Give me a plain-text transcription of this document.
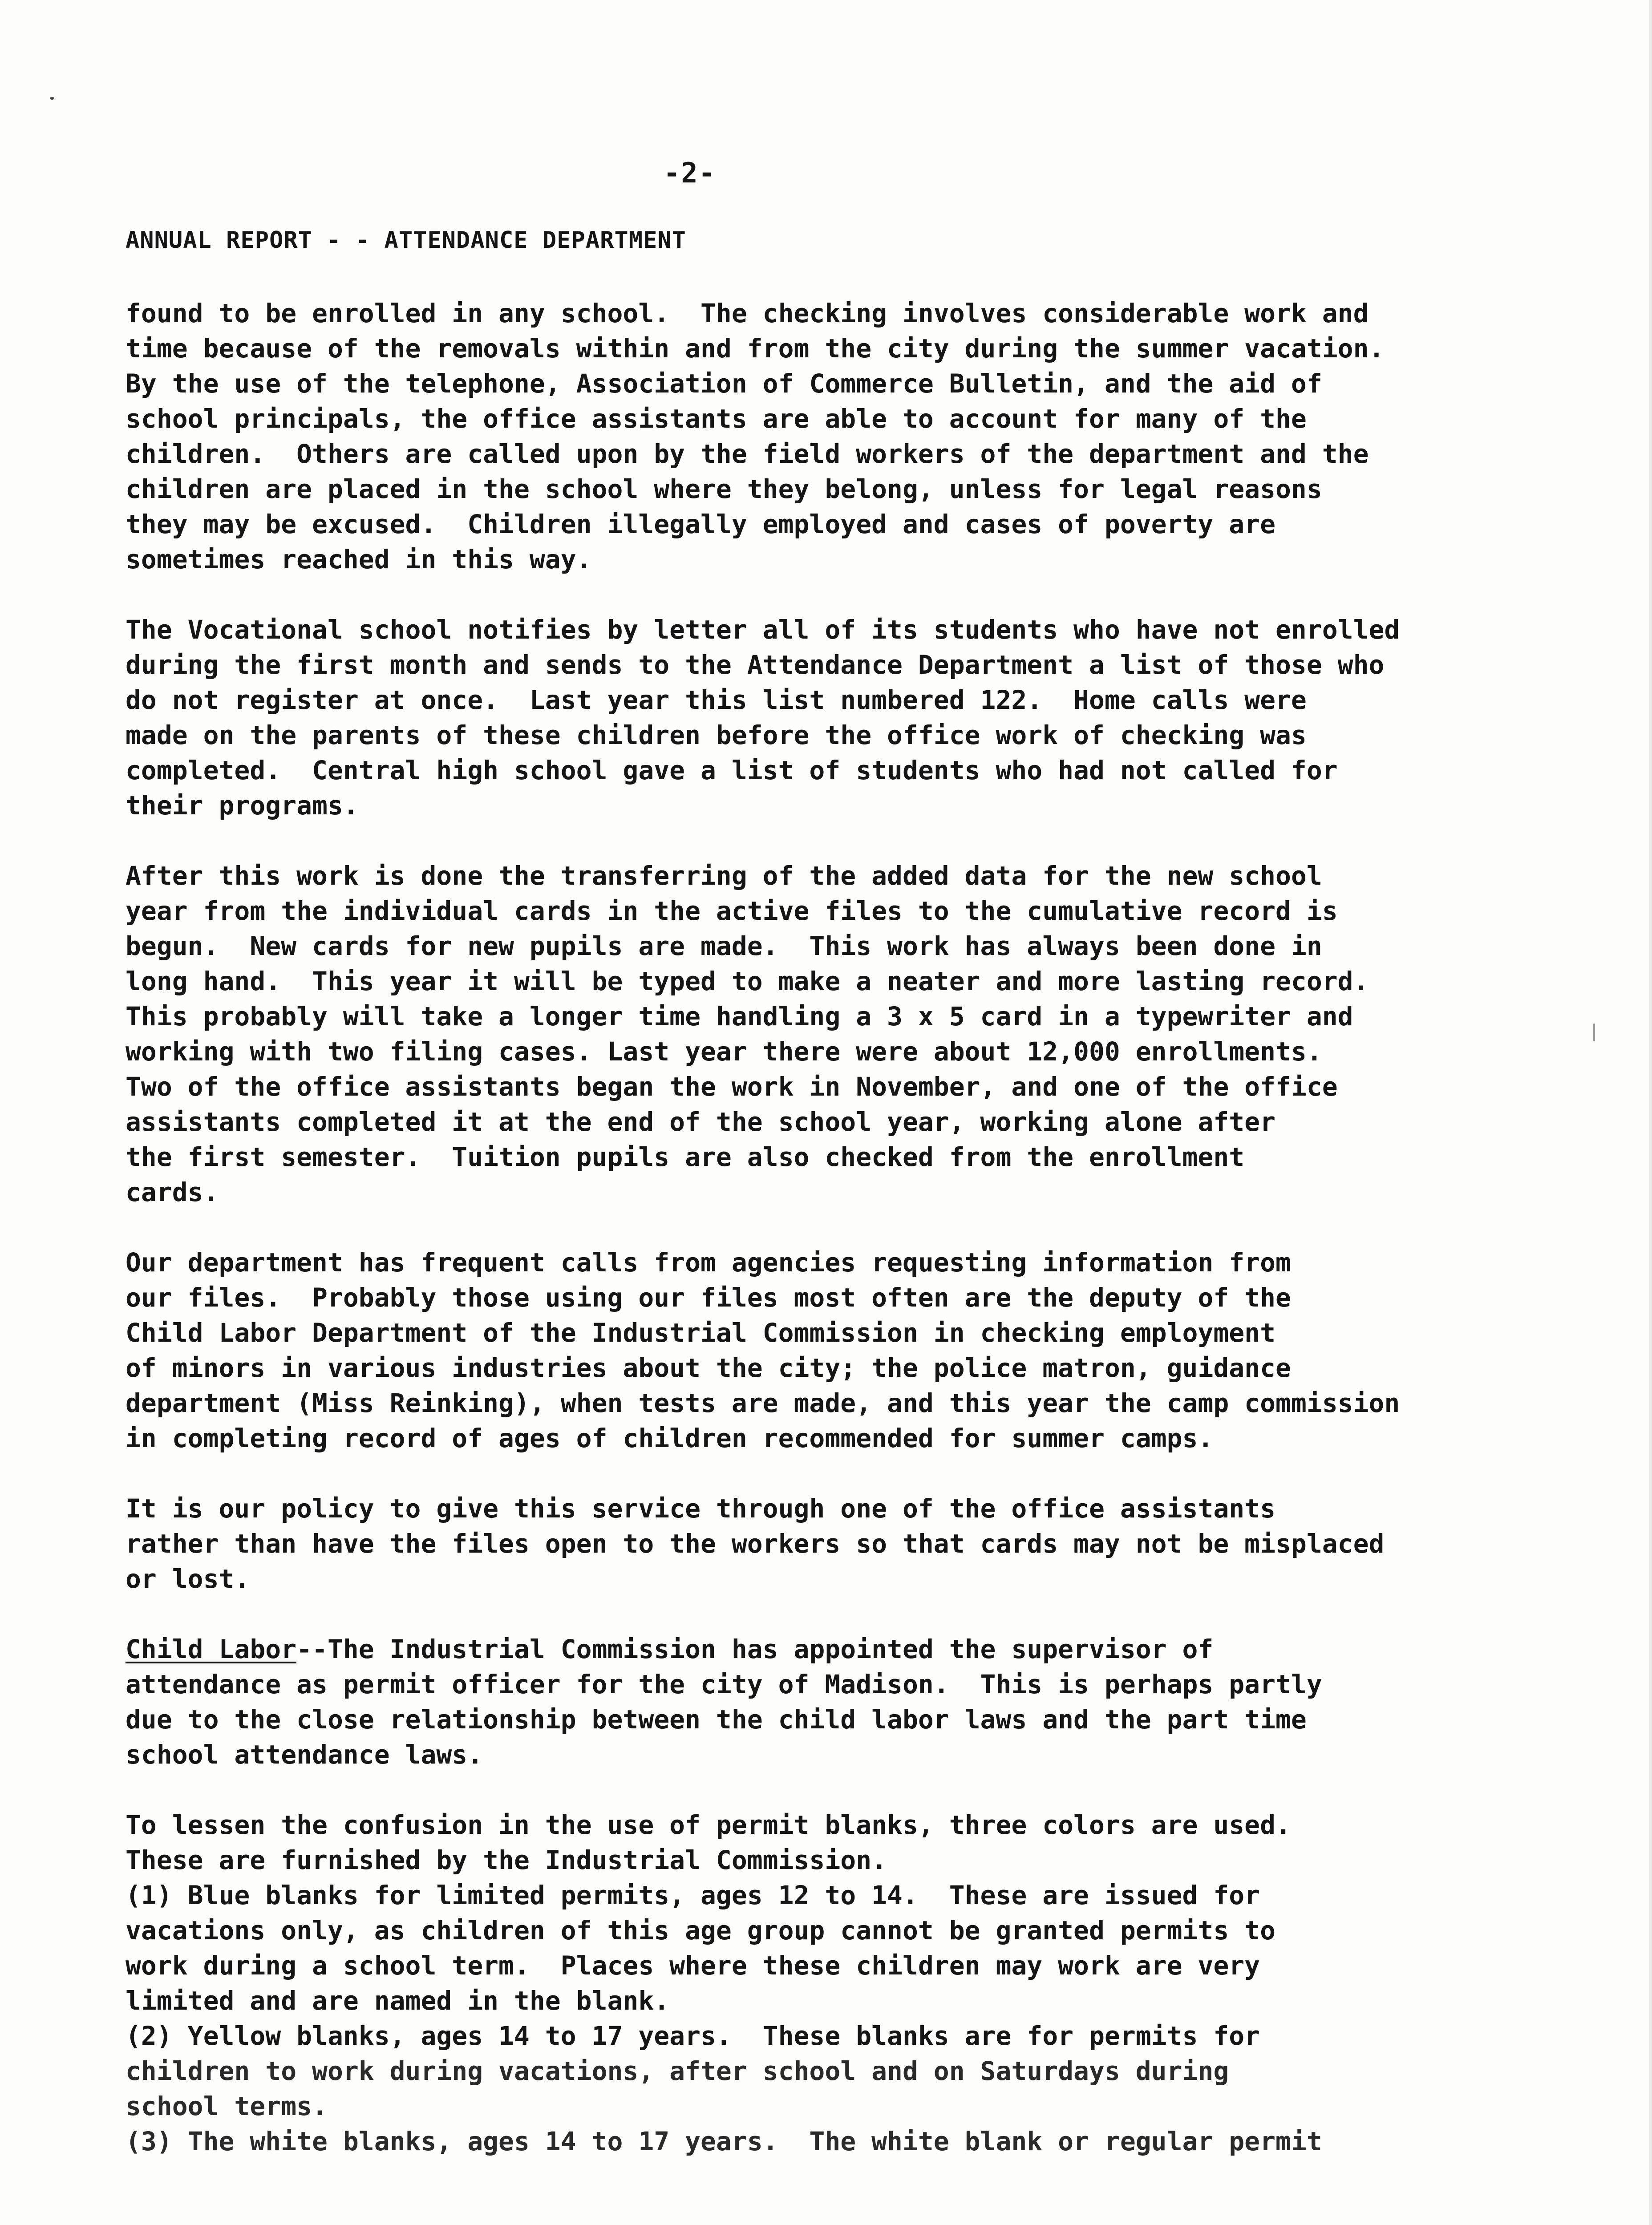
-2-
ANNUAL REPORT - - ATTENDANCE DEPARTMENT
found to be enrolled in any school.  The checking involves considerable work and
time because of the removals within and from the city during the summer vacation.
By the use of the telephone, Association of Commerce Bulletin, and the aid of
school principals, the office assistants are able to account for many of the
children.  Others are called upon by the field workers of the department and the
children are placed in the school where they belong, unless for legal reasons
they may be excused.  Children illegally employed and cases of poverty are
sometimes reached in this way.
The Vocational school notifies by letter all of its students who have not enrolled
during the first month and sends to the Attendance Department a list of those who
do not register at once.  Last year this list numbered 122.  Home calls were
made on the parents of these children before the office work of checking was
completed.  Central high school gave a list of students who had not called for
their programs.
After this work is done the transferring of the added data for the new school
year from the individual cards in the active files to the cumulative record is
begun.  New cards for new pupils are made.  This work has always been done in
long hand.  This year it will be typed to make a neater and more lasting record.
This probably will take a longer time handling a 3 x 5 card in a typewriter and
working with two filing cases. Last year there were about 12,000 enrollments.
Two of the office assistants began the work in November, and one of the office
assistants completed it at the end of the school year, working alone after
the first semester.  Tuition pupils are also checked from the enrollment
cards.
Our department has frequent calls from agencies requesting information from
our files.  Probably those using our files most often are the deputy of the
Child Labor Department of the Industrial Commission in checking employment
of minors in various industries about the city; the police matron, guidance
department (Miss Reinking), when tests are made, and this year the camp commission
in completing record of ages of children recommended for summer camps.
It is our policy to give this service through one of the office assistants
rather than have the files open to the workers so that cards may not be misplaced
or lost.
Child Labor--The Industrial Commission has appointed the supervisor of
attendance as permit officer for the city of Madison.  This is perhaps partly
due to the close relationship between the child labor laws and the part time
school attendance laws.
To lessen the confusion in the use of permit blanks, three colors are used.
These are furnished by the Industrial Commission.
(1) Blue blanks for limited permits, ages 12 to 14.  These are issued for
vacations only, as children of this age group cannot be granted permits to
work during a school term.  Places where these children may work are very
limited and are named in the blank.
(2) Yellow blanks, ages 14 to 17 years.  These blanks are for permits for
children to work during vacations, after school and on Saturdays during
school terms.
(3) The white blanks, ages 14 to 17 years.  The white blank or regular permit
